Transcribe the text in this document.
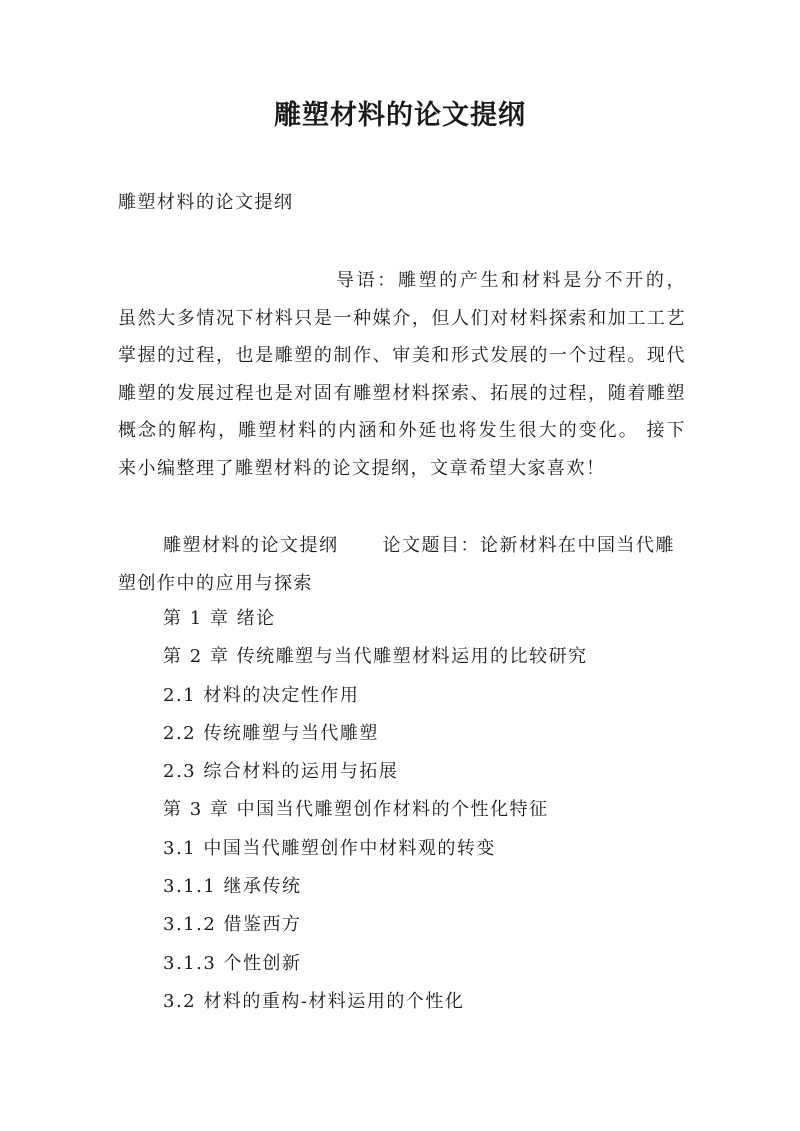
雕塑材料的论文提纲

雕塑材料的论文提纲

导语：雕塑的产生和材料是分不开的，虽然大多情况下材料只是一种媒介，但人们对材料探索和加工工艺掌握的过程，也是雕塑的制作、审美和形式发展的一个过程。现代雕塑的发展过程也是对固有雕塑材料探索、拓展的过程，随着雕塑概念的解构，雕塑材料的内涵和外延也将发生很大的变化。 接下来小编整理了雕塑材料的论文提纲，文章希望大家喜欢！

雕塑材料的论文提纲 论文题目：论新材料在中国当代雕塑创作中的应用与探索

第 1 章 绪论
第 2 章 传统雕塑与当代雕塑材料运用的比较研究
2.1 材料的决定性作用
2.2 传统雕塑与当代雕塑
2.3 综合材料的运用与拓展
第 3 章 中国当代雕塑创作材料的个性化特征
3.1 中国当代雕塑创作中材料观的转变
3.1.1 继承传统
3.1.2 借鉴西方
3.1.3 个性创新
3.2 材料的重构-材料运用的个性化
